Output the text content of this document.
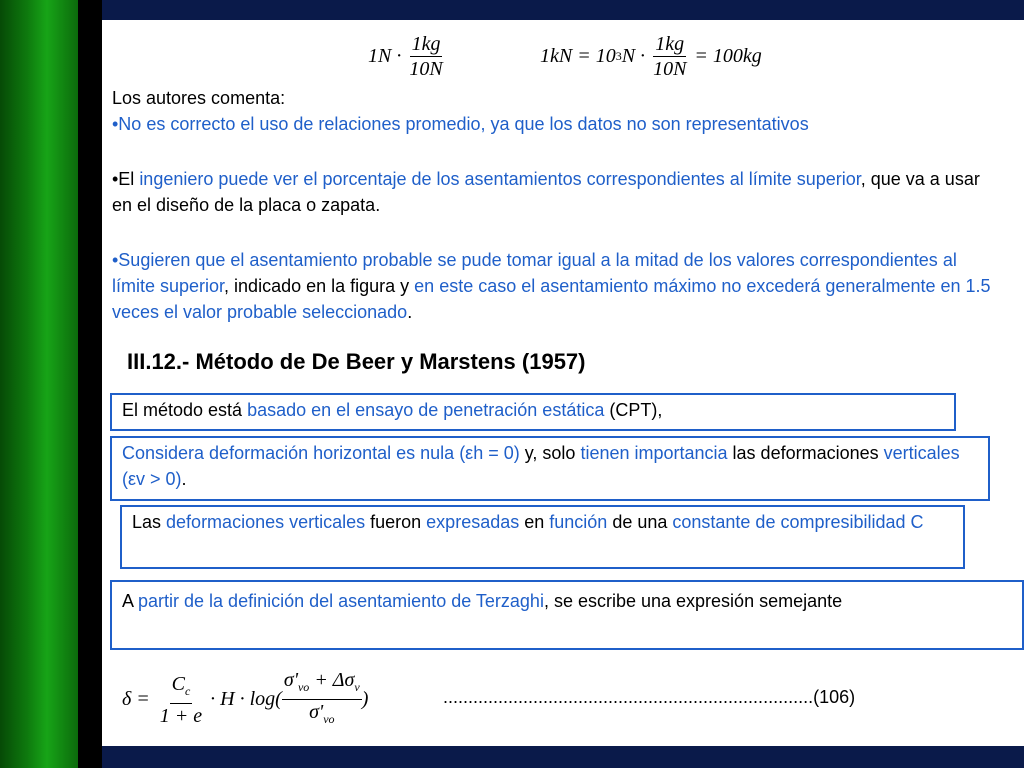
$1N \cdot \frac{1kg}{10N}$	1kN = 10 3 $N \cdot \frac{1kg}{10N} = 100kg$
Los autores comenta:
•No es correcto el uso de relaciones promedio, ya que los datos no son representativos
•El ingeniero puede ver el porcentaje de los asentamientos correspondientes al límite superior, que va a usar en el diseño de la placa o zapata.
•Sugieren que el asentamiento probable se pude tomar igual a la mitad de los valores correspondientes al límite superior, indicado en la figura y en este caso el asentamiento máximo no excederá generalmente en 1.5 veces el valor probable seleccionado.
III.12.- Método de De Beer y Marstens (1957)
El método está basado en el ensayo de penetración estática (CPT),
Considera deformación horizontal es nula (εh = 0) y, solo tienen importancia las deformaciones verticales (εv > 0).
Las deformaciones verticales fueron expresadas en función de una constante de compresibilidad C
A partir de la definición del asentamiento de Terzaghi, se escribe una expresión semejante
$\delta = \frac{C_c}{1 + e} \cdot H \cdot \log( \frac{\sigma'_{vo} + \Delta\sigma_v}{\sigma'_{vo}}$ )	..........................................................................(106)
